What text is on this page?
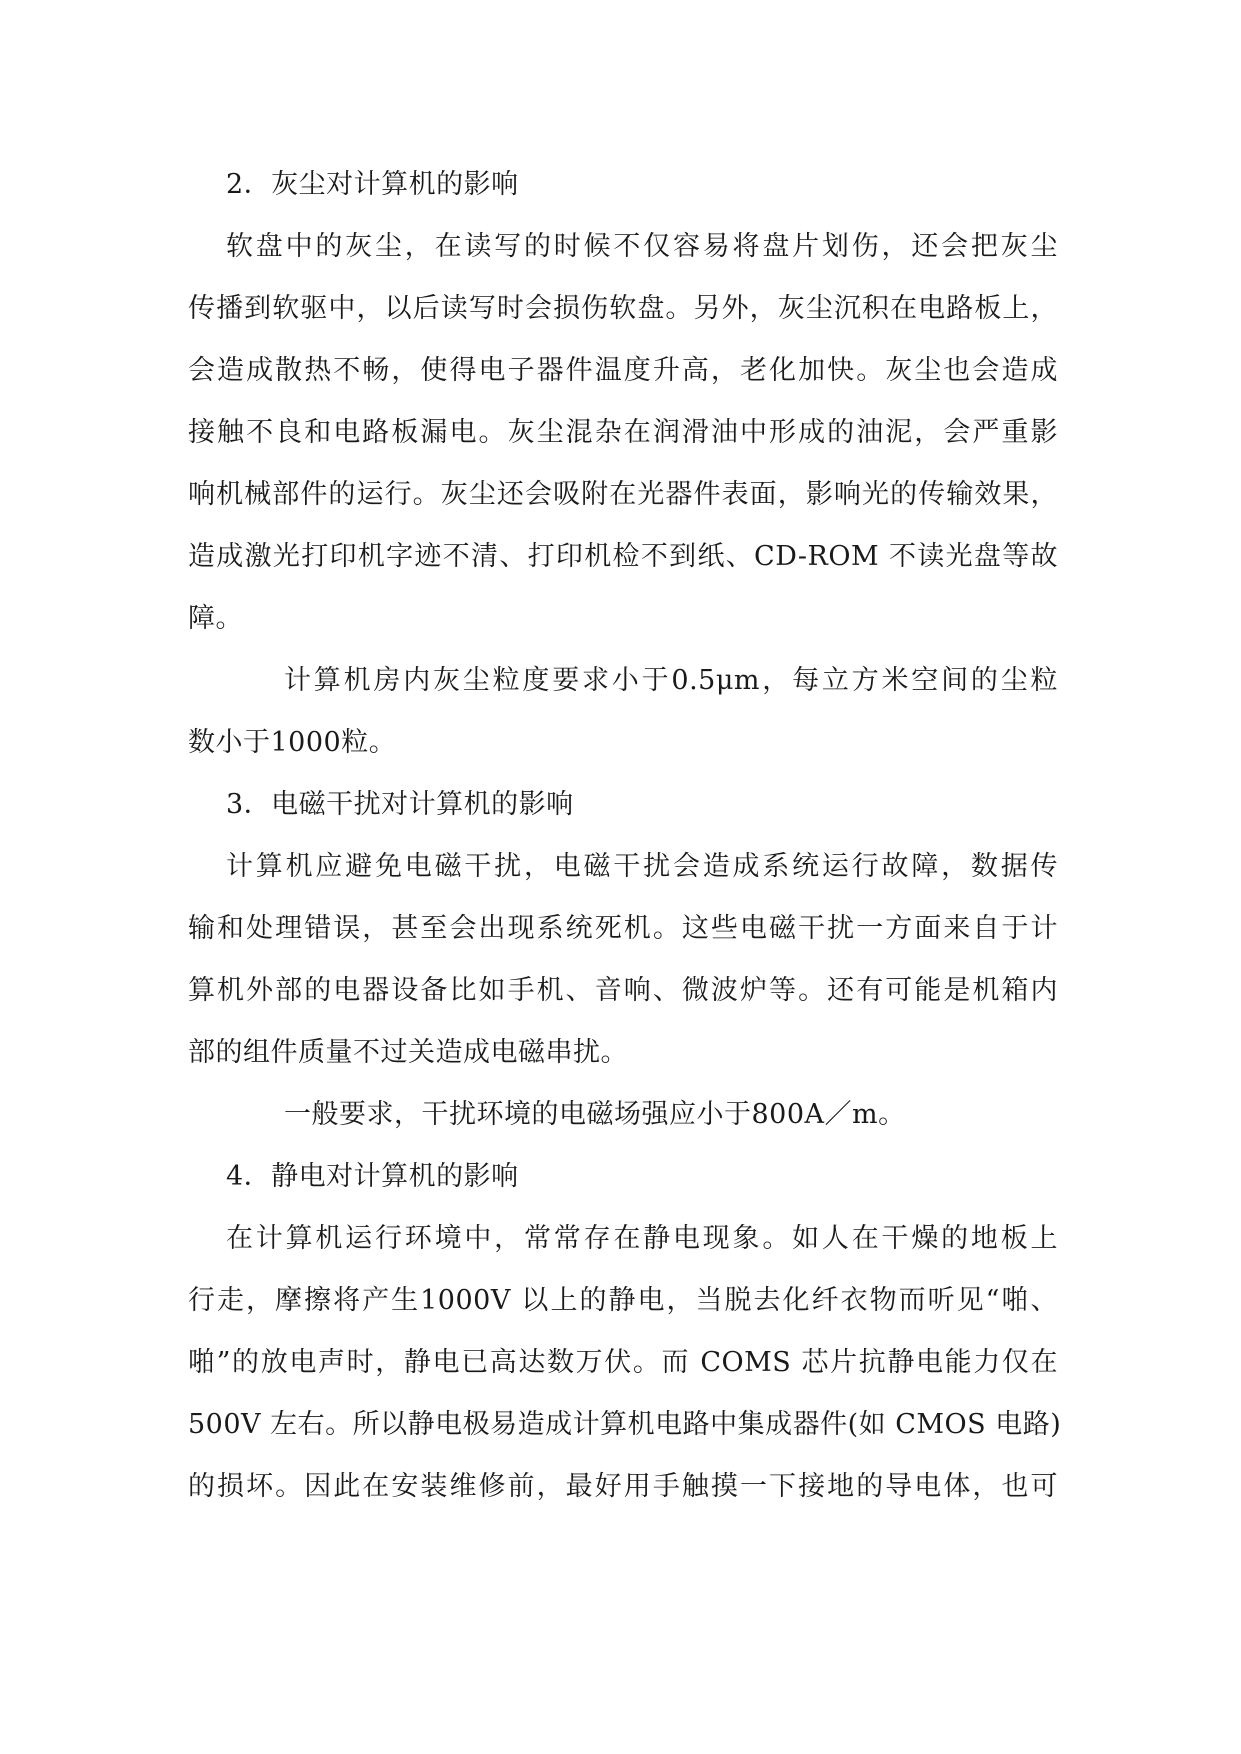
2．灰尘对计算机的影响
软盘中的灰尘，在读写的时候不仅容易将盘片划伤，还会把灰尘
传播到软驱中，以后读写时会损伤软盘。另外，灰尘沉积在电路板上，
会造成散热不畅，使得电子器件温度升高，老化加快。灰尘也会造成
接触不良和电路板漏电。灰尘混杂在润滑油中形成的油泥，会严重影
响机械部件的运行。灰尘还会吸附在光器件表面，影响光的传输效果，
造成激光打印机字迹不清、打印机检不到纸、CD-ROM 不读光盘等故
障。
计算机房内灰尘粒度要求小于0.5μm，每立方米空间的尘粒
数小于1000粒。
3．电磁干扰对计算机的影响
计算机应避免电磁干扰，电磁干扰会造成系统运行故障，数据传
输和处理错误，甚至会出现系统死机。这些电磁干扰一方面来自于计
算机外部的电器设备比如手机、音响、微波炉等。还有可能是机箱内
部的组件质量不过关造成电磁串扰。
一般要求，干扰环境的电磁场强应小于800A／m。
4．静电对计算机的影响
在计算机运行环境中，常常存在静电现象。如人在干燥的地板上
行走，摩擦将产生1000V 以上的静电，当脱去化纤衣物而听见“啪、
啪”的放电声时，静电已高达数万伏。而 COMS 芯片抗静电能力仅在
500V 左右。所以静电极易造成计算机电路中集成器件(如 CMOS 电路)
的损坏。因此在安装维修前，最好用手触摸一下接地的导电体，也可
